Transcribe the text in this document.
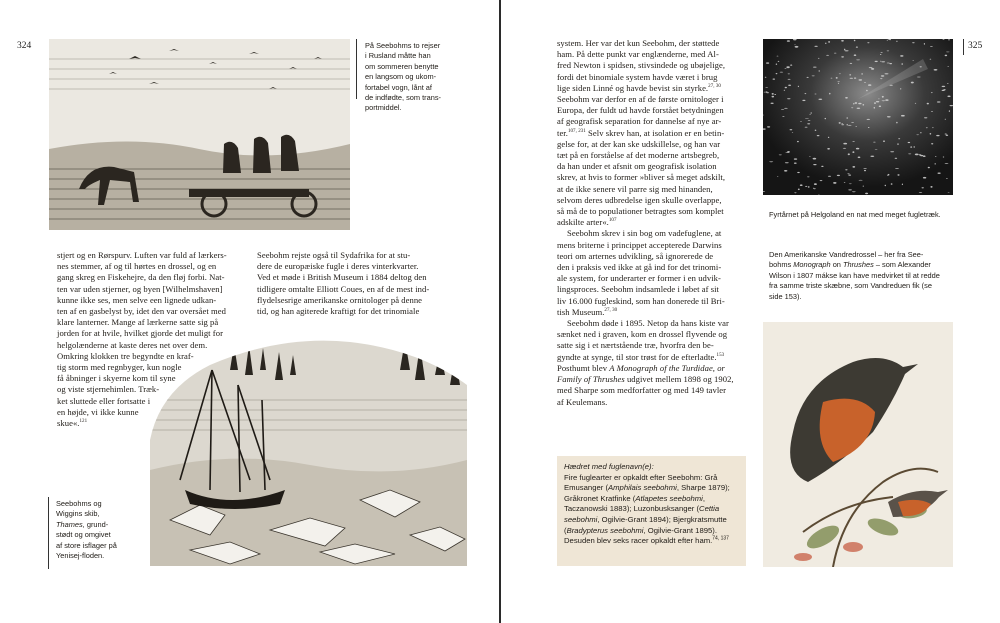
324	På Seebohms to rejser
i Rusland måtte han
om sommeren benytte
en langsom og ukom-
fortabel vogn, lånt af
de indfødte, som trans-
portmiddel.
stjert og en Rørspurv. Luften var fuld af lærkers-
nes stemmer, af og til hørtes en drossel, og en
gang skreg en Fiskehejre, da den fløj forbi. Nat-
ten var uden stjerner, og byen [Wilhelmshaven]
kunne ikke ses, men selve een lignede udkan-
ten af en gasbelyst by, idet den var oversået med
klare lanterner. Mange af lærkerne satte sig på
jorden for at hvile, hvilket gjorde det muligt for
helgolænderne at kaste deres net over dem.
Omkring klokken tre begyndte en kraf-
tig storm med regnbyger, kun nogle
få åbninger i skyerne kom til syne
og viste stjernehimlen. Træk-
ket sluttede eller fortsatte i
en højde, vi ikke kunne
skue«.$^{121}$
Seebohm rejste også til Sydafrika for at stu-
dere de europæiske fugle i deres vinterkvarter.
Ved et møde i British Museum i 1884 deltog den
tidligere omtalte Elliott Coues, en af de mest ind-
flydelsesrige amerikanske ornitologer på denne
tid, og han agiterede kraftigt for det trinomiale
Seebohms og
Wiggins skib,
Thames, grund-
stødt og omgivet
af store isflager på
Yenisej-floden.
325
system. Her var det kun Seebohm, der støttede
ham. På dette punkt var englænderne, med Al-
fred Newton i spidsen, stivsindede og ubøjelige,
fordi det binomiale system havde været i brug
lige siden Linné og havde bevist sin styrke.$^{27, 30}$
Seebohm var derfor en af de første ornitologer i
Europa, der fuldt ud havde forstået betydningen
af geografisk separation for dannelse af nye ar-
ter.$^{107, 231}$ Selv skrev han, at isolation er en betin-
gelse for, at der kan ske udskillelse, og han var
tæt på en forståelse af det moderne artsbegreb,
da han under et afsnit om geografisk isolation
skrev, at hvis to former »bliver så meget adskilt,
at de ikke senere vil parre sig med hinanden,
selvom deres udbredelse igen skulle overlappe,
så må de to populationer betragtes som komplet
adskilte arter«.$^{107}$
Seebohm skrev i sin bog om vadefuglene, at
mens briterne i princippet accepterede Darwins
teori om arternes udvikling, så ignorerede de
den i praksis ved ikke at gå ind for det trinomi-
ale system, for underarter er former i en udvik-
lingsproces. Seebohm indsamlede i løbet af sit
liv 16.000 fugleskind, som han donerede til Bri-
tish Museum.$^{27, 30}$
Seebohm døde i 1895. Netop da hans kiste var
sænket ned i graven, kom en drossel flyvende og
satte sig i et nærtstående træ, hvorfra den be-
gyndte at synge, til stor trøst for de efterladte.$^{153}$
Posthumt blev A Monograph of the Turdidae, or
Family of Thrushes udgivet mellem 1898 og 1902,
med Sharpe som medforfatter og med 149 tavler
af Keulemans.
Fyrtårnet på Helgoland en nat med meget fugletræk.
Den Amerikanske Vandredrossel – her fra See-
bohms Monograph on Thrushes – som Alexander
Wilson i 1807 mákse kan have medvirket til at redde
fra samme triste skæbne, som Vandreduen fik (se
side 153).
Hædret med fuglenavn(e):
Fire fuglearter er opkaldt efter Seebohm: Grå
Emusanger (Amphilais seebohmi, Sharpe 1879);
Gråkronet Kratfinke (Atlapetes seebohmi,
Taczanowski 1883); Luzonbusksanger (Cettia
seebohmi, Ogilvie-Grant 1894); Bjergkratsmutte
(Bradypterus seebohmi, Ogilvie-Grant 1895).
Desuden blev seks racer opkaldt efter ham.$^{74, 137}$
